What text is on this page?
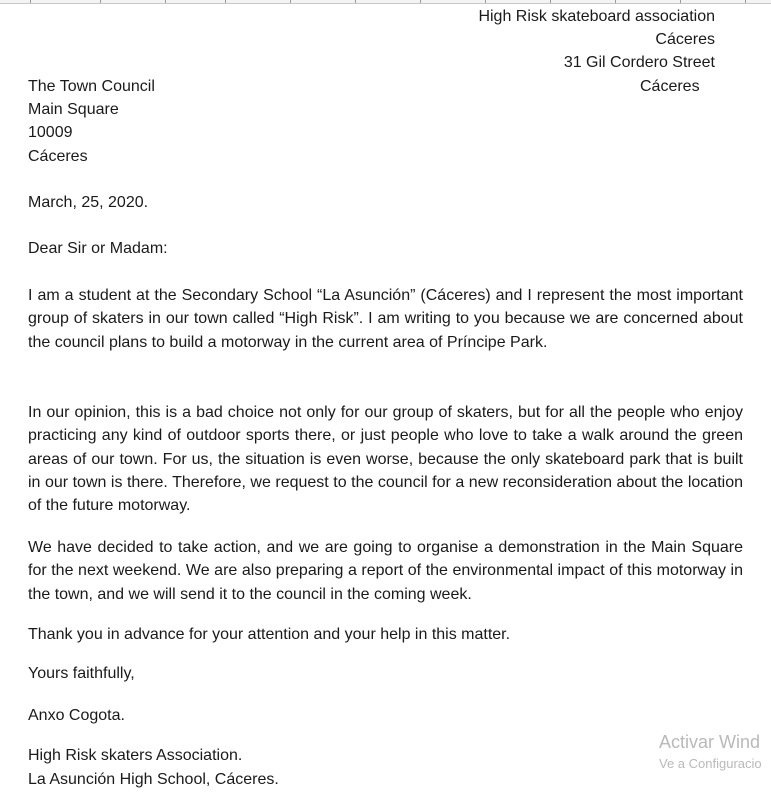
High Risk skateboard association
Cáceres
31 Gil Cordero Street
Cáceres
The Town Council
Main Square
10009
Cáceres
March, 25, 2020.
Dear Sir or Madam:

I am a student at the Secondary School “La Asunción” (Cáceres) and I represent the most important group of skaters in our town called “High Risk”. I am writing to you because we are concerned about the council plans to build a motorway in the current area of Príncipe Park.

In our opinion, this is a bad choice not only for our group of skaters, but for all the people who enjoy practicing any kind of outdoor sports there, or just people who love to take a walk around the green areas of our town. For us, the situation is even worse, because the only skateboard park that is built in our town is there. Therefore, we request to the council for a new reconsideration about the location of the future motorway.

We have decided to take action, and we are going to organise a demonstration in the Main Square for the next weekend. We are also preparing a report of the environmental impact of this motorway in the town, and we will send it to the council in the coming week.

Thank you in advance for your attention and your help in this matter.

Yours faithfully,
Anxo Cogota.
High Risk skaters Association.
La Asunción High School, Cáceres.
Activar Wind
Ve a Configuracio
